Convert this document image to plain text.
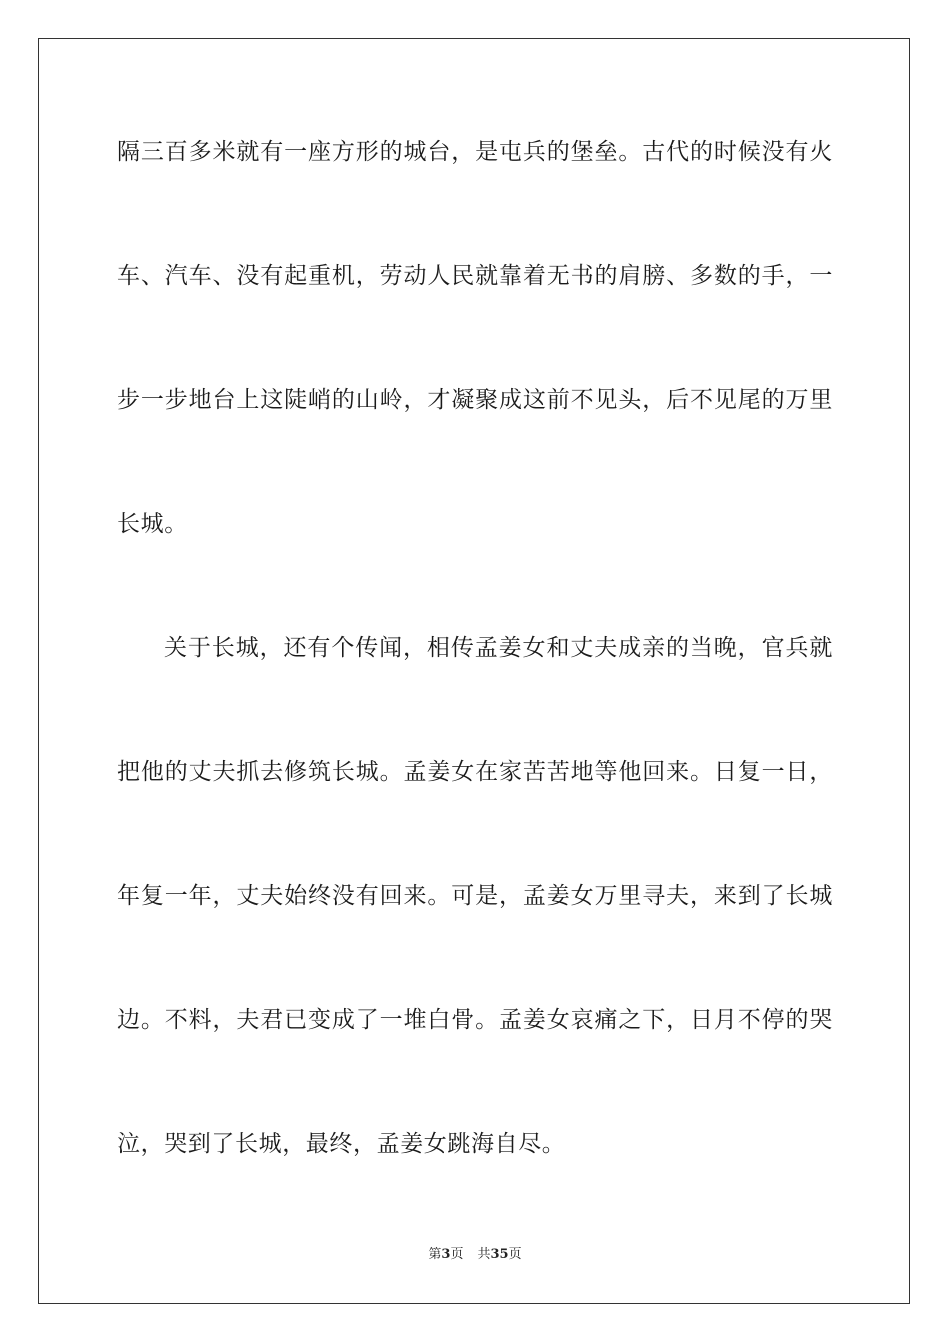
隔三百多米就有一座方形的城台，是屯兵的堡垒。古代的时候没有火
车、汽车、没有起重机，劳动人民就靠着无书的肩膀、多数的手，一
步一步地台上这陡峭的山岭，才凝聚成这前不见头，后不见尾的万里
长城。
关于长城，还有个传闻，相传孟姜女和丈夫成亲的当晚，官兵就
把他的丈夫抓去修筑长城。孟姜女在家苦苦地等他回来。日复一日，
年复一年，丈夫始终没有回来。可是，孟姜女万里寻夫，来到了长城
边。不料，夫君已变成了一堆白骨。孟姜女哀痛之下，日月不停的哭
泣，哭到了长城，最终，孟姜女跳海自尽。
第3页 共35页
